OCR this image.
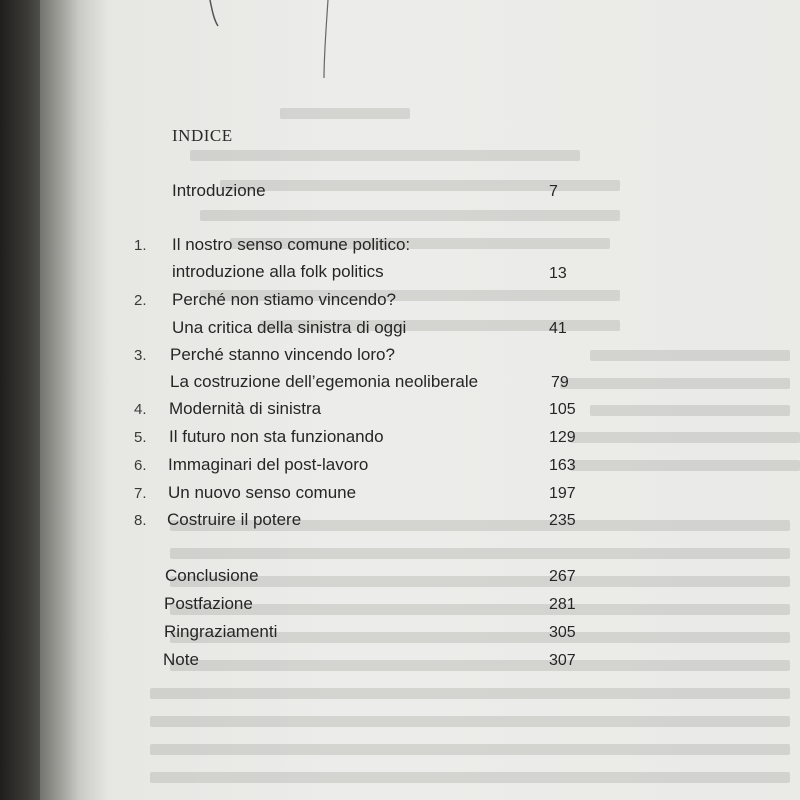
INDICE
Introduzione	7
1. Il nostro senso comune politico:
introduzione alla folk politics	13
2. Perché non stiamo vincendo?
Una critica della sinistra di oggi	41
3. Perché stanno vincendo loro?
La costruzione dell’egemonia neoliberale	79
4. Modernità di sinistra	105
5. Il futuro non sta funzionando	129
6. Immaginari del post-lavoro	163
7. Un nuovo senso comune	197
8. Costruire il potere	235
Conclusione	267
Postfazione	281
Ringraziamenti	305
Note	307
